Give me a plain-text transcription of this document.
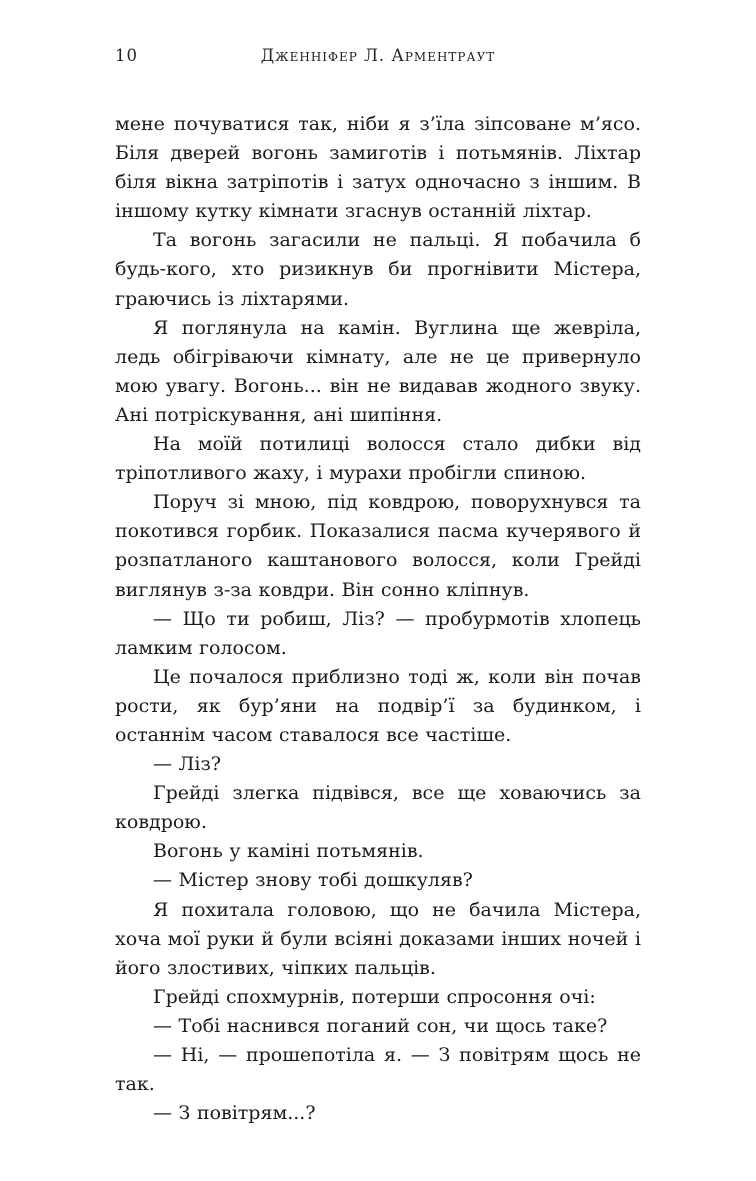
10	Дженніфер Л. Арментраут

мене почуватися так, ніби я з’їла зіпсоване м’ясо. Біля дверей вогонь замиготів і потьмянів. Ліхтар біля вікна затріпотів і затух одночасно з іншим. В іншому кутку кімнати згаснув останній ліхтар.

Та вогонь загасили не пальці. Я побачила б будь-кого, хто ризикнув би прогнівити Містера, граючись із ліхтарями.

Я поглянула на камін. Вуглина ще жевріла, ледь обігріваючи кімнату, але не це привернуло мою увагу. Вогонь... він не видавав жодного звуку. Ані потріскування, ані шипіння.

На моїй потилиці волосся стало дибки від тріпотливого жаху, і мурахи пробігли спиною.

Поруч зі мною, під ковдрою, поворухнувся та покотився горбик. Показалися пасма кучерявого й розпатланого каштанового волосся, коли Грейді виглянув з-за ковдри. Він сонно кліпнув.

— Що ти робиш, Ліз? — пробурмотів хлопець ламким голосом.

Це почалося приблизно тоді ж, коли він почав рости, як бур’яни на подвір’ї за будинком, і останнім часом ставалося все частіше.

— Ліз?

Грейді злегка підвівся, все ще ховаючись за ковдрою.

Вогонь у каміні потьмянів.

— Містер знову тобі дошкуляв?

Я похитала головою, що не бачила Містера, хоча мої руки й були всіяні доказами інших ночей і його злостивих, чіпких пальців.

Грейді спохмурнів, потерши спросоння очі:

— Тобі наснився поганий сон, чи щось таке?

— Ні, — прошепотіла я. — З повітрям щось не так.

— З повітрям...?
